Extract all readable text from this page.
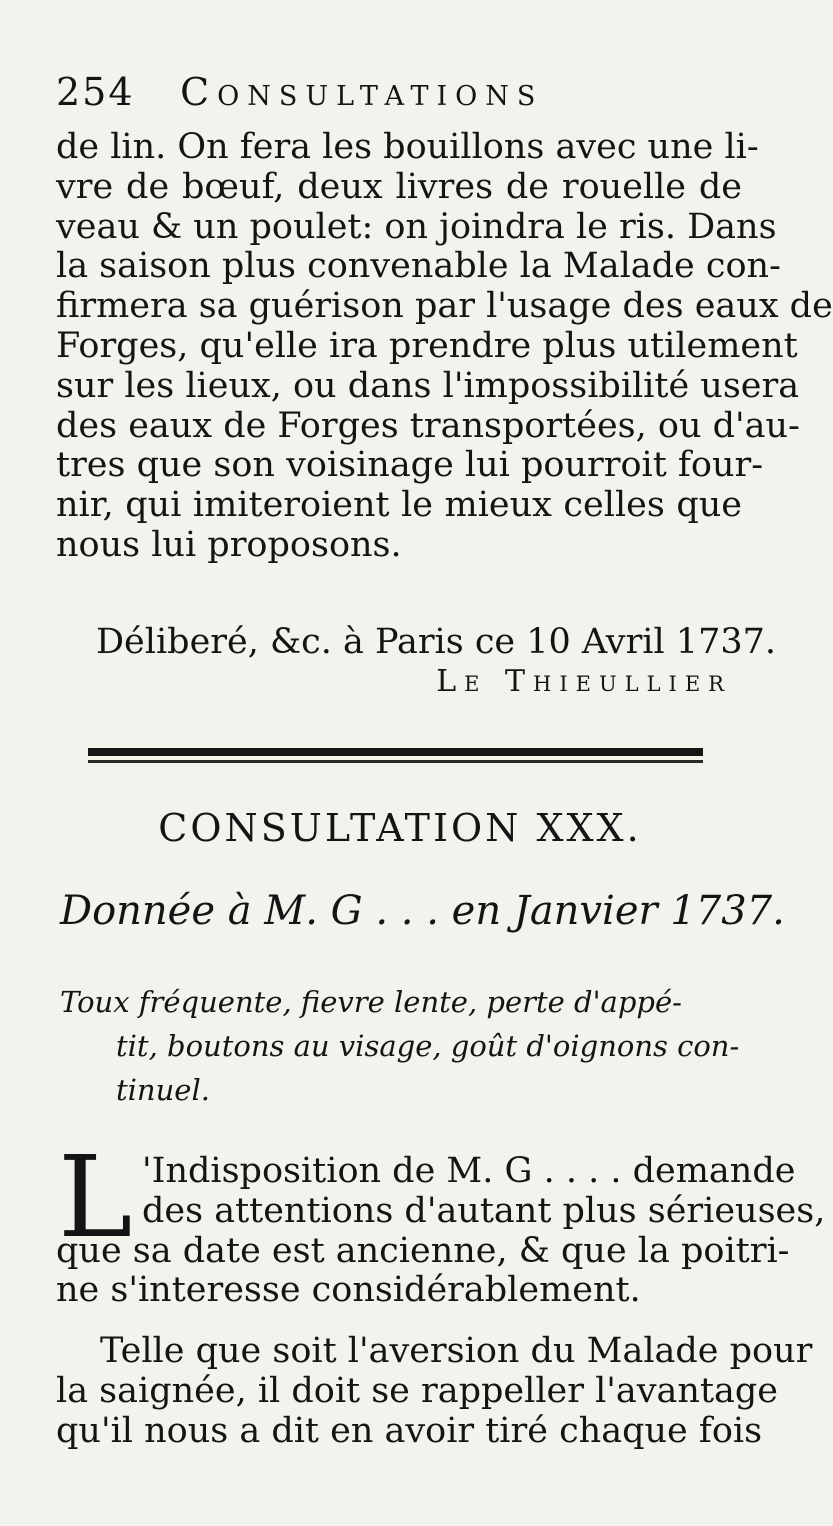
254 Consultations
de lin. On fera les bouillons avec une li-
vre de bœuf, deux livres de rouelle de
veau & un poulet: on joindra le ris. Dans
la saison plus convenable la Malade con-
firmera sa guérison par l'usage des eaux de
Forges, qu'elle ira prendre plus utilement
sur les lieux, ou dans l'impossibilité usera
des eaux de Forges transportées, ou d'au-
tres que son voisinage lui pourroit four-
nir, qui imiteroient le mieux celles que
nous lui proposons.
Déliberé, &c. à Paris ce 10 Avril 1737.
Le Thieullier
CONSULTATION XXX.
Donnée à M. G . . . en Janvier 1737.
Toux fréquente, fievre lente, perte d'appé-
tit, boutons au visage, goût d'oignons con-
tinuel.
L 'Indisposition de M. G . . . . demande
des attentions d'autant plus sérieuses,
que sa date est ancienne, & que la poitri-
ne s'interesse considérablement.
Telle que soit l'aversion du Malade pour
la saignée, il doit se rappeller l'avantage
qu'il nous a dit en avoir tiré chaque fois
